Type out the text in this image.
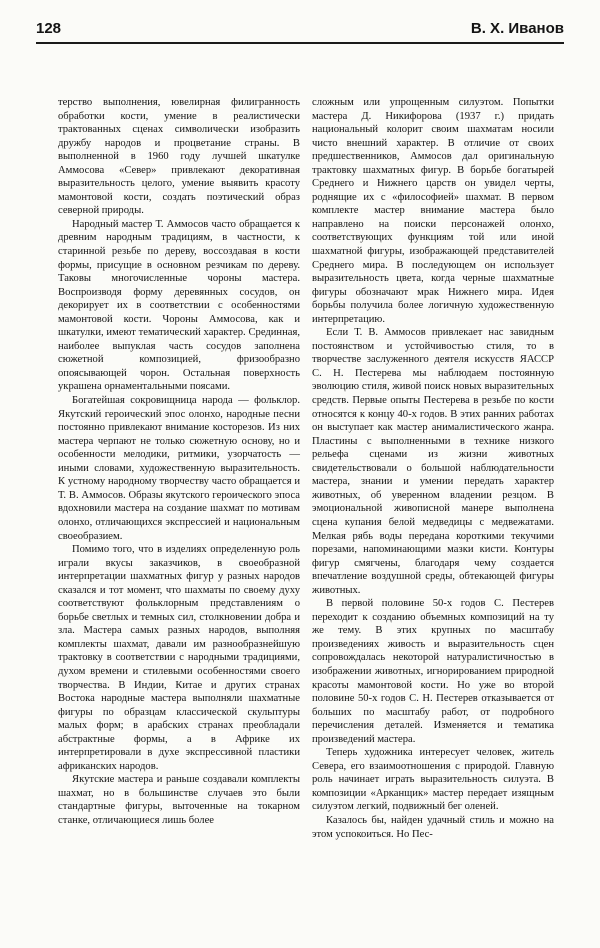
128	В. Х. Иванов

терство выполнения, ювелирная филигранность обработки кости, умение в реалистически трактованных сценах символически изобразить дружбу народов и процветание страны. В выполненной в 1960 году лучшей шкатулке Аммосова «Север» привлекают декоративная выразительность целого, умение выявить красоту мамонтовой кости, создать поэтический образ северной природы.

Народный мастер Т. Аммосов часто обращается к древним народным традициям, в частности, к старинной резьбе по дереву, воссоздавая в кости формы, присущие в основном резчикам по дереву. Таковы многочисленные чороны мастера. Воспроизводя форму деревянных сосудов, он декорирует их в соответствии с особенностями мамонтовой кости. Чороны Аммосова, как и шкатулки, имеют тематический характер. Срединная, наиболее выпуклая часть сосудов заполнена сюжетной композицией, фризообразно опоясывающей чорон. Остальная поверхность украшена орнаментальными поясами.

Богатейшая сокровищница народа — фольклор. Якутский героический эпос олонхо, народные песни постоянно привлекают внимание косторезов. Из них мастера черпают не только сюжетную основу, но и особенности мелодики, ритмики, узорчатость — иными словами, художественную выразительность. К устному народному творчеству часто обращается и Т. В. Аммосов. Образы якутского героического эпоса вдохновили мастера на создание шахмат по мотивам олонхо, отличающихся экспрессией и национальным своеобразием.

Помимо того, что в изделиях определенную роль играли вкусы заказчиков, в своеобразной интерпретации шахматных фигур у разных народов сказался и тот момент, что шахматы по своему духу соответствуют фольклорным представлениям о борьбе светлых и темных сил, столкновении добра и зла. Мастера самых разных народов, выполняя комплекты шахмат, давали им разнообразнейшую трактовку в соответствии с народными традициями, духом времени и стилевыми особенностями своего творчества. В Индии, Китае и других странах Востока народные мастера выполняли шахматные фигуры по образцам классической скульптуры малых форм; в арабских странах преобладали абстрактные формы, а в Африке их интерпретировали в духе экспрессивной пластики африканских народов.

Якутские мастера и раньше создавали комплекты шахмат, но в большинстве случаев это были стандартные фигуры, выточенные на токарном станке, отличающиеся лишь более

сложным или упрощенным силуэтом. Попытки мастера Д. Никифорова (1937 г.) придать национальный колорит своим шахматам носили чисто внешний характер. В отличие от своих предшественников, Аммосов дал оригинальную трактовку шахматных фигур. В борьбе богатырей Среднего и Нижнего царств он увидел черты, роднящие их с «философией» шахмат. В первом комплекте мастер внимание мастера было направлено на поиски персонажей олонхо, соответствующих функциям той или иной шахматной фигуры, изображающей представителей Среднего мира. В последующем он использует выразительность цвета, когда черные шахматные фигуры обозначают мрак Нижнего мира. Идея борьбы получила более логичную художественную интерпретацию.

Если Т. В. Аммосов привлекает нас завидным постоянством и устойчивостью стиля, то в творчестве заслуженного деятеля искусств ЯАССР С. Н. Пестерева мы наблюдаем постоянную эволюцию стиля, живой поиск новых выразительных средств. Первые опыты Пестерева в резьбе по кости относятся к концу 40-х годов. В этих ранних работах он выступает как мастер анималистического жанра. Пластины с выполненными в технике низкого рельефа сценами из жизни животных свидетельствовали о большой наблюдательности мастера, знании и умении передать характер животных, об уверенном владении резцом. В эмоциональной живописной манере выполнена сцена купания белой медведицы с медвежатами. Мелкая рябь воды передана короткими текучими порезами, напоминающими мазки кисти. Контуры фигур смягчены, благодаря чему создается впечатление воздушной среды, обтекающей фигуры животных.

В первой половине 50-х годов С. Пестерев переходит к созданию объемных композиций на ту же тему. В этих крупных по масштабу произведениях живость и выразительность сцен сопровождалась некоторой натуралистичностью в изображении животных, игнорированием природной красоты мамонтовой кости. Но уже во второй половине 50-х годов С. Н. Пестерев отказывается от больших по масштабу работ, от подробного перечисления деталей. Изменяется и тематика произведений мастера.

Теперь художника интересует человек, житель Севера, его взаимоотношения с природой. Главную роль начинает играть выразительность силуэта. В композиции «Арканщик» мастер передает изящным силуэтом легкий, подвижный бег оленей.

Казалось бы, найден удачный стиль и можно на этом успокоиться. Но Пес-
